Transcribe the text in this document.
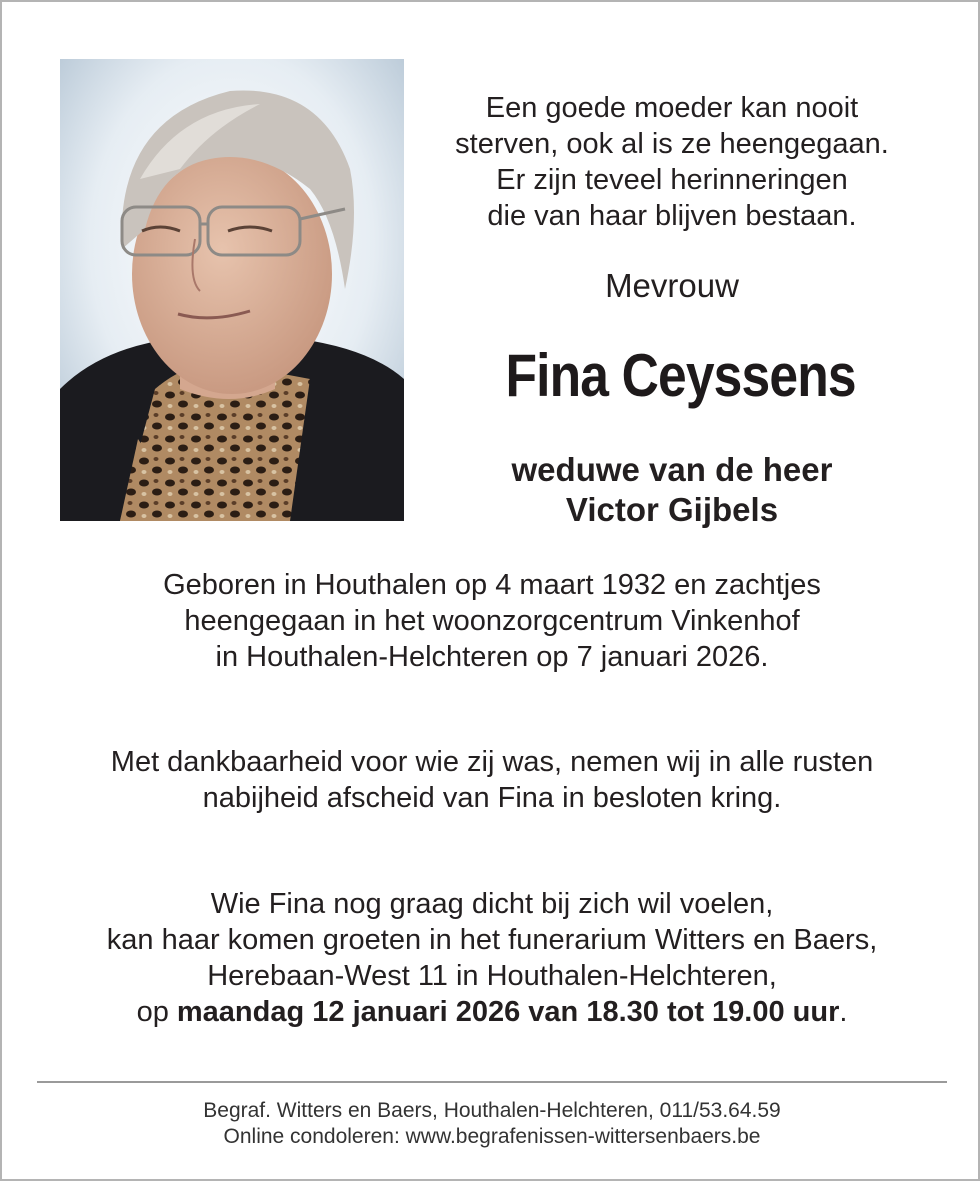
Een goede moeder kan nooit
sterven, ook al is ze heengegaan.
Er zijn teveel herinneringen
die van haar blijven bestaan.
Mevrouw
Fina Ceyssens
weduwe van de heer
Victor Gijbels
Geboren in Houthalen op 4 maart 1932 en zachtjes
heengegaan in het woonzorgcentrum Vinkenhof
in Houthalen-Helchteren op 7 januari 2026.
Met dankbaarheid voor wie zij was, nemen wij in alle rusten
nabijheid afscheid van Fina in besloten kring.
Wie Fina nog graag dicht bij zich wil voelen,
kan haar komen groeten in het funerarium Witters en Baers,
Herebaan-West 11 in Houthalen-Helchteren,
op maandag 12 januari 2026 van 18.30 tot 19.00 uur.
Begraf. Witters en Baers, Houthalen-Helchteren, 011/53.64.59
Online condoleren: www.begrafenissen-wittersenbaers.be
